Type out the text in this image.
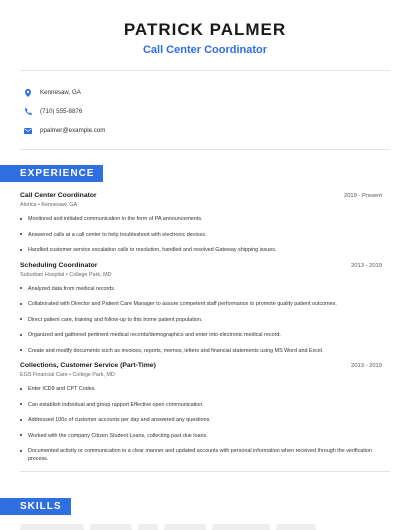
PATRICK PALMER
Call Center Coordinator
Kennesaw, GA
(710) 555-8876
ppalmer@example.com
EXPERIENCE
Call Center Coordinator	2019 - Present
Alorica • Kennesaw, GA
Monitored and initiated communication in the form of PA announcements.
Answered calls at a call center to help troubleshoot with electronic devices.
Handled customer service escalation calls to resolution, handled and resolved Gateway shipping issues.
Scheduling Coordinator	2013 - 2019
Suburban Hospital • College Park, MD
Analyzed data from medical records.
Collaborated with Director and Patient Care Manager to assure competent staff performance to promote quality patient outcomes.
Direct patient care, training and follow-up to this home patient population.
Organized and gathered pertinent medical records/demographics and enter into electronic medical record.
Create and modify documents such as invoices, reports, memos, letters and financial statements using MS Word and Excel.
Collections, Customer Service (Part-Time)	2013 - 2019
EGS Financial Care • College Park, MD
Enter ICD9 and CPT Codes.
Can establish individual and group rapport Effective open communication.
Addressed 100s of customer accounts per day and answered any questions.
Worked with the company Citizen Student Loans, collecting past due loans.
Documented activity or communication in a clear manner and updated accounts with personal information when received through the verification process.
SKILLS
